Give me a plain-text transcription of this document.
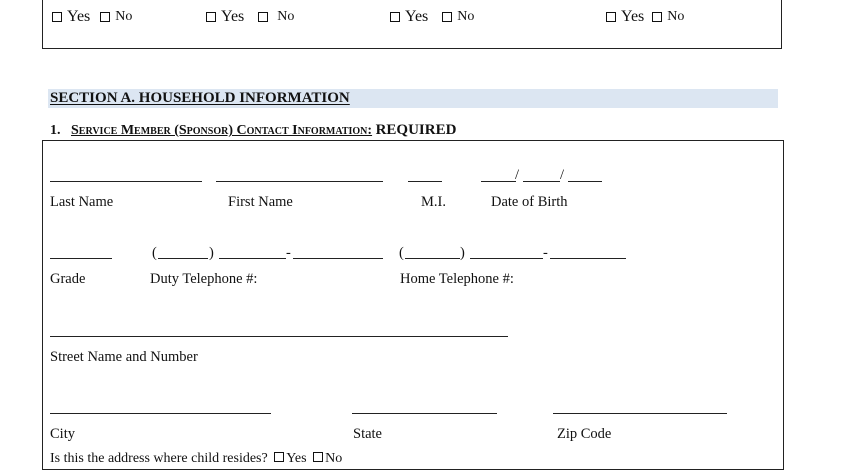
Yes No	Yes No	Yes No	Yes No
SECTION A. HOUSEHOLD INFORMATION
1. Service Member (Sponsor) Contact Information: REQUIRED
/	/
Last Name	First Name	M.I.	Date of Birth
(	)	-	(	)	-
Grade	Duty Telephone #:	Home Telephone #:
Street Name and Number
City	State	Zip Code
Is this the address where child resides? Yes No
